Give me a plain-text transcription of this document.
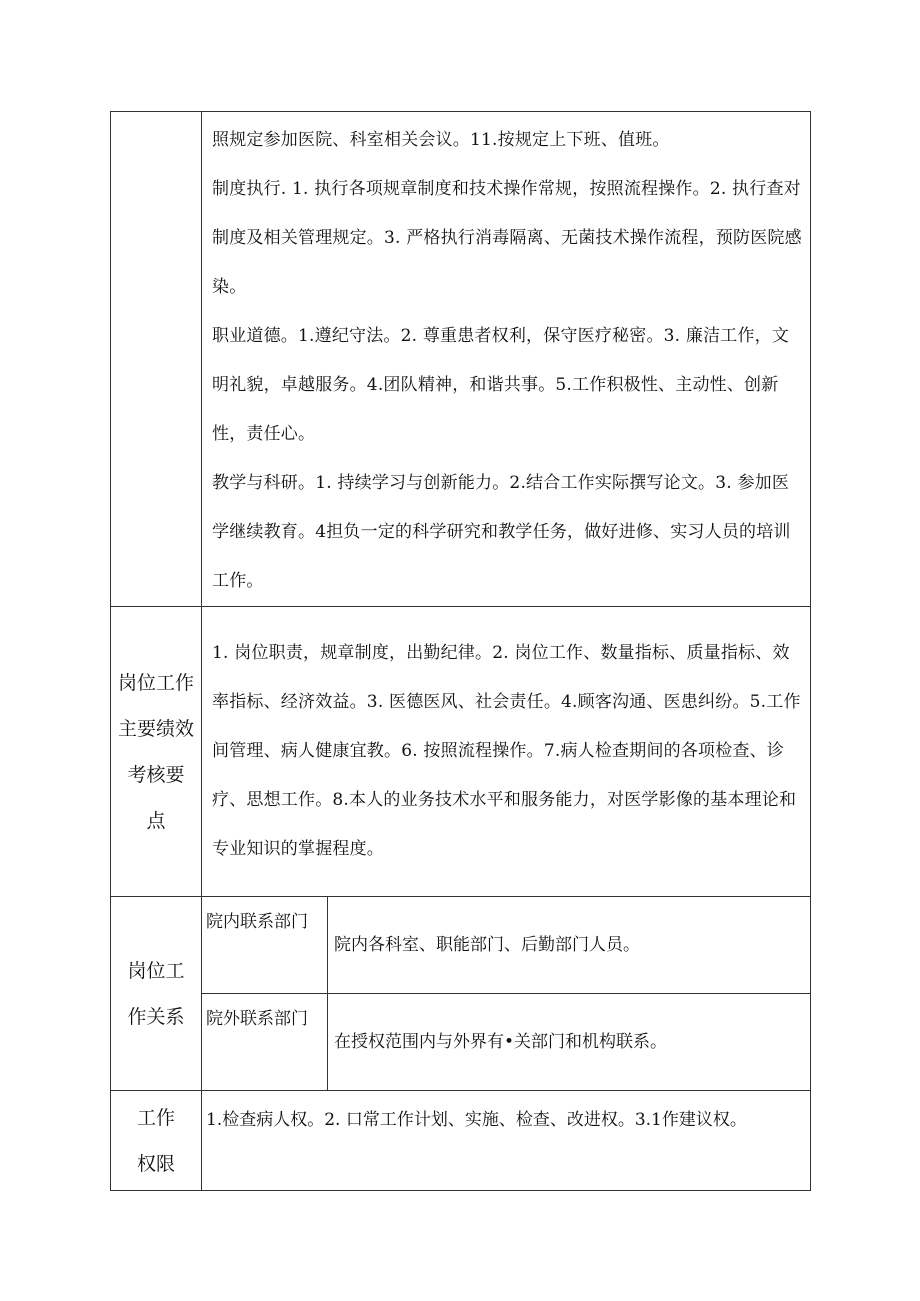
	照规定参加医院、科室相关会议。11.按规定上下班、值班。

制度执行. 1. 执行各项规章制度和技术操作常规，按照流程操作。2. 执行查对制度及相关管理规定。3. 严格执行消毒隔离、无菌技术操作流程，预防医院感染。

职业道德。1.遵纪守法。2. 尊重患者权利，保守医疗秘密。3. 廉洁工作，文明礼貌，卓越服务。4.团队精神，和谐共事。5.工作积极性、主动性、创新性，责任心。

教学与科研。1. 持续学习与创新能力。2.结合工作实际撰写论文。3. 参加医学继续教育。4担负一定的科学研究和教学任务，做好进修、实习人员的培训工作。	

岗位工作
主要绩效
考核要
点	1. 岗位职责，规章制度，出勤纪律。2. 岗位工作、数量指标、质量指标、效率指标、经济效益。3. 医德医风、社会责任。4.顾客沟通、医患纠纷。5.工作间管理、病人健康宜教。6. 按照流程操作。7.病人检查期间的各项检查、诊疗、思想工作。8.本人的业务技术水平和服务能力，对医学影像的基本理论和专业知识的掌握程度。	

岗位工
作关系	院内联系部门	院内各科室、职能部门、后勤部门人员。
	院外联系部门	在授权范围内与外界有•关部门和机构联系。

工作
权限	1.检查病人权。2. 口常工作计划、实施、检查、改进权。3.1作建议权。	
